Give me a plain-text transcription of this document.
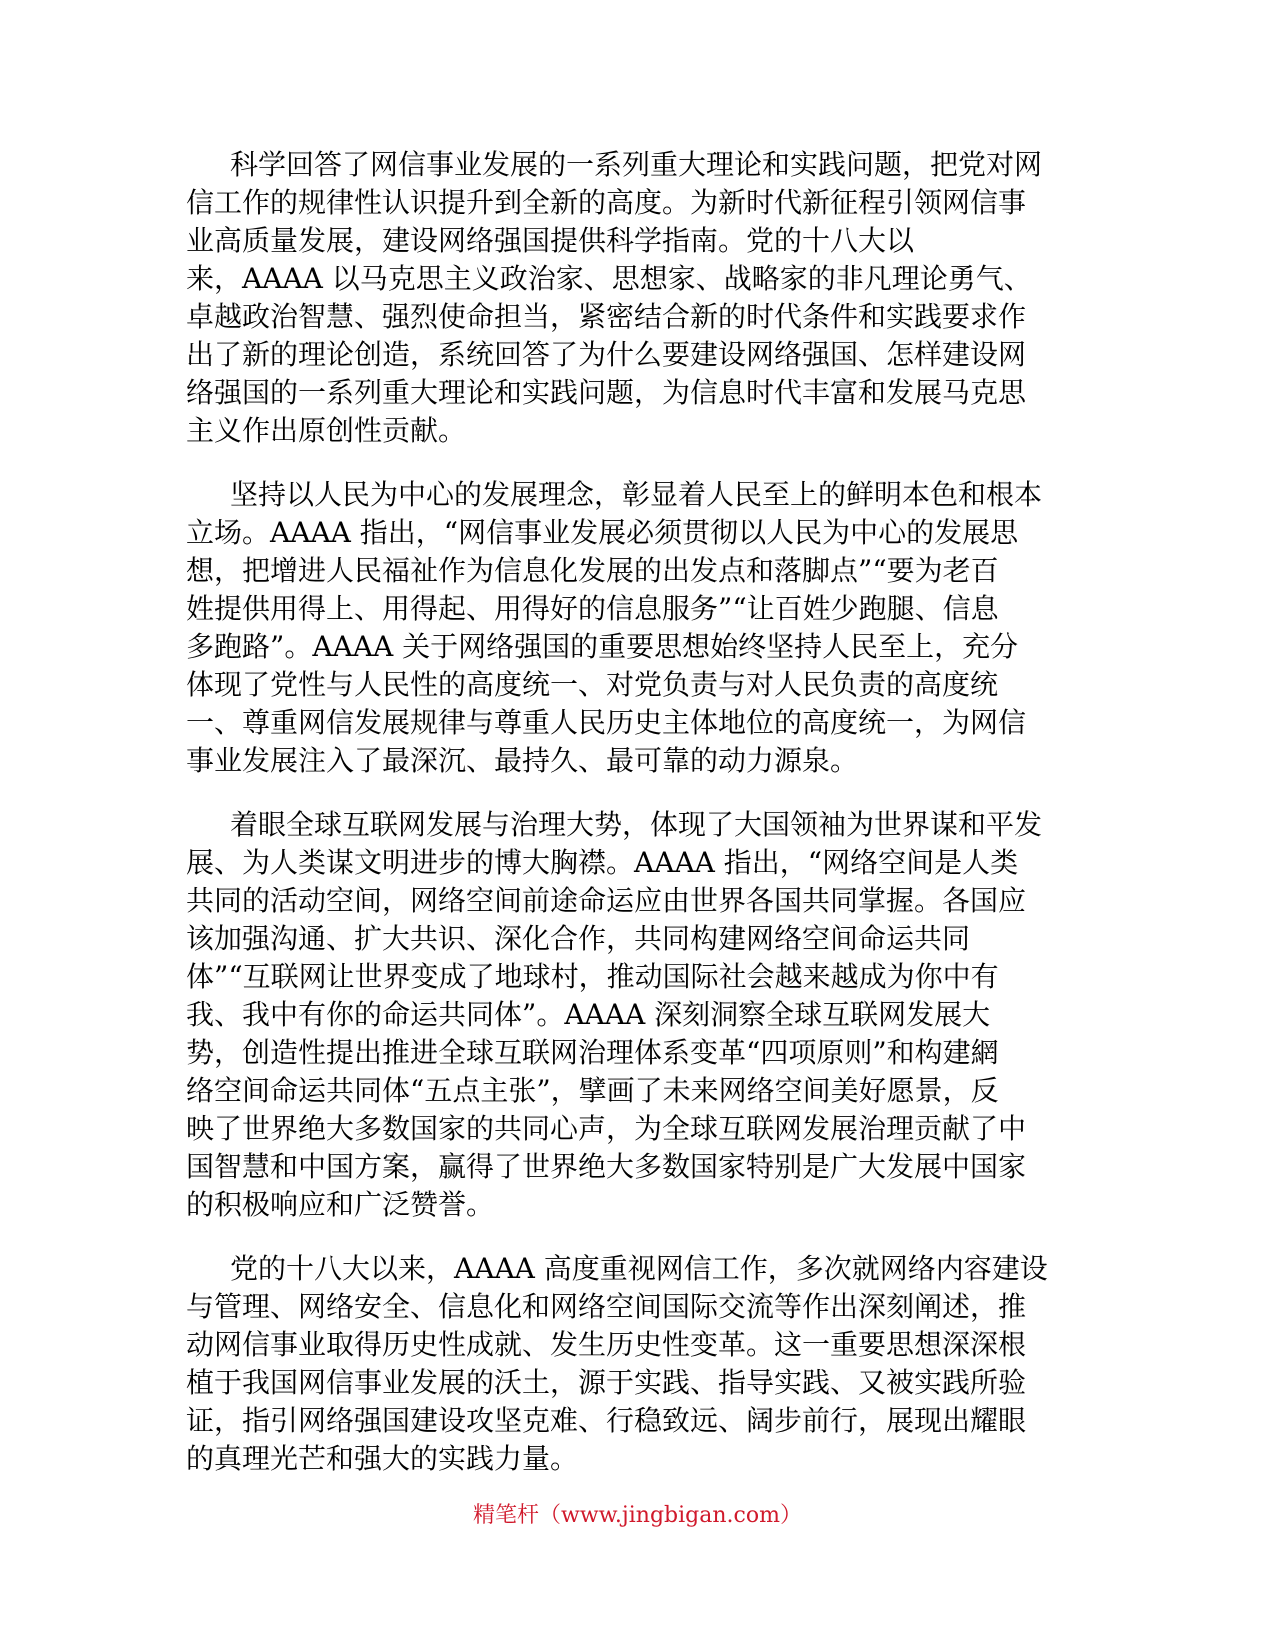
科学回答了网信事业发展的一系列重大理论和实践问题，把党对网
信工作的规律性认识提升到全新的高度。为新时代新征程引领网信事
业高质量发展，建设网络强国提供科学指南。党的十八大以
来，AAAA 以马克思主义政治家、思想家、战略家的非凡理论勇气、
卓越政治智慧、强烈使命担当，紧密结合新的时代条件和实践要求作
出了新的理论创造，系统回答了为什么要建设网络强国、怎样建设网
络强国的一系列重大理论和实践问题，为信息时代丰富和发展马克思
主义作出原创性贡献。

坚持以人民为中心的发展理念，彰显着人民至上的鲜明本色和根本
立场。AAAA 指出，“网信事业发展必须贯彻以人民为中心的发展思
想，把增进人民福祉作为信息化发展的出发点和落脚点”“要为老百
姓提供用得上、用得起、用得好的信息服务”“让百姓少跑腿、信息
多跑路”。AAAA 关于网络强国的重要思想始终坚持人民至上，充分
体现了党性与人民性的高度统一、对党负责与对人民负责的高度统
一、尊重网信发展规律与尊重人民历史主体地位的高度统一，为网信
事业发展注入了最深沉、最持久、最可靠的动力源泉。

着眼全球互联网发展与治理大势，体现了大国领袖为世界谋和平发
展、为人类谋文明进步的博大胸襟。AAAA 指出，“网络空间是人类
共同的活动空间，网络空间前途命运应由世界各国共同掌握。各国应
该加强沟通、扩大共识、深化合作，共同构建网络空间命运共同
体”“互联网让世界变成了地球村，推动国际社会越来越成为你中有
我、我中有你的命运共同体”。AAAA 深刻洞察全球互联网发展大
势，创造性提出推进全球互联网治理体系变革“四项原则”和构建網
络空间命运共同体“五点主张”，擘画了未来网络空间美好愿景，反
映了世界绝大多数国家的共同心声，为全球互联网发展治理贡献了中
国智慧和中国方案，赢得了世界绝大多数国家特别是广大发展中国家
的积极响应和广泛赞誉。

党的十八大以来，AAAA 高度重视网信工作，多次就网络内容建设
与管理、网络安全、信息化和网络空间国际交流等作出深刻阐述，推
动网信事业取得历史性成就、发生历史性变革。这一重要思想深深根
植于我国网信事业发展的沃土，源于实践、指导实践、又被实践所验
证，指引网络强国建设攻坚克难、行稳致远、阔步前行，展现出耀眼
的真理光芒和强大的实践力量。

精笔杆（www.jingbigan.com）
